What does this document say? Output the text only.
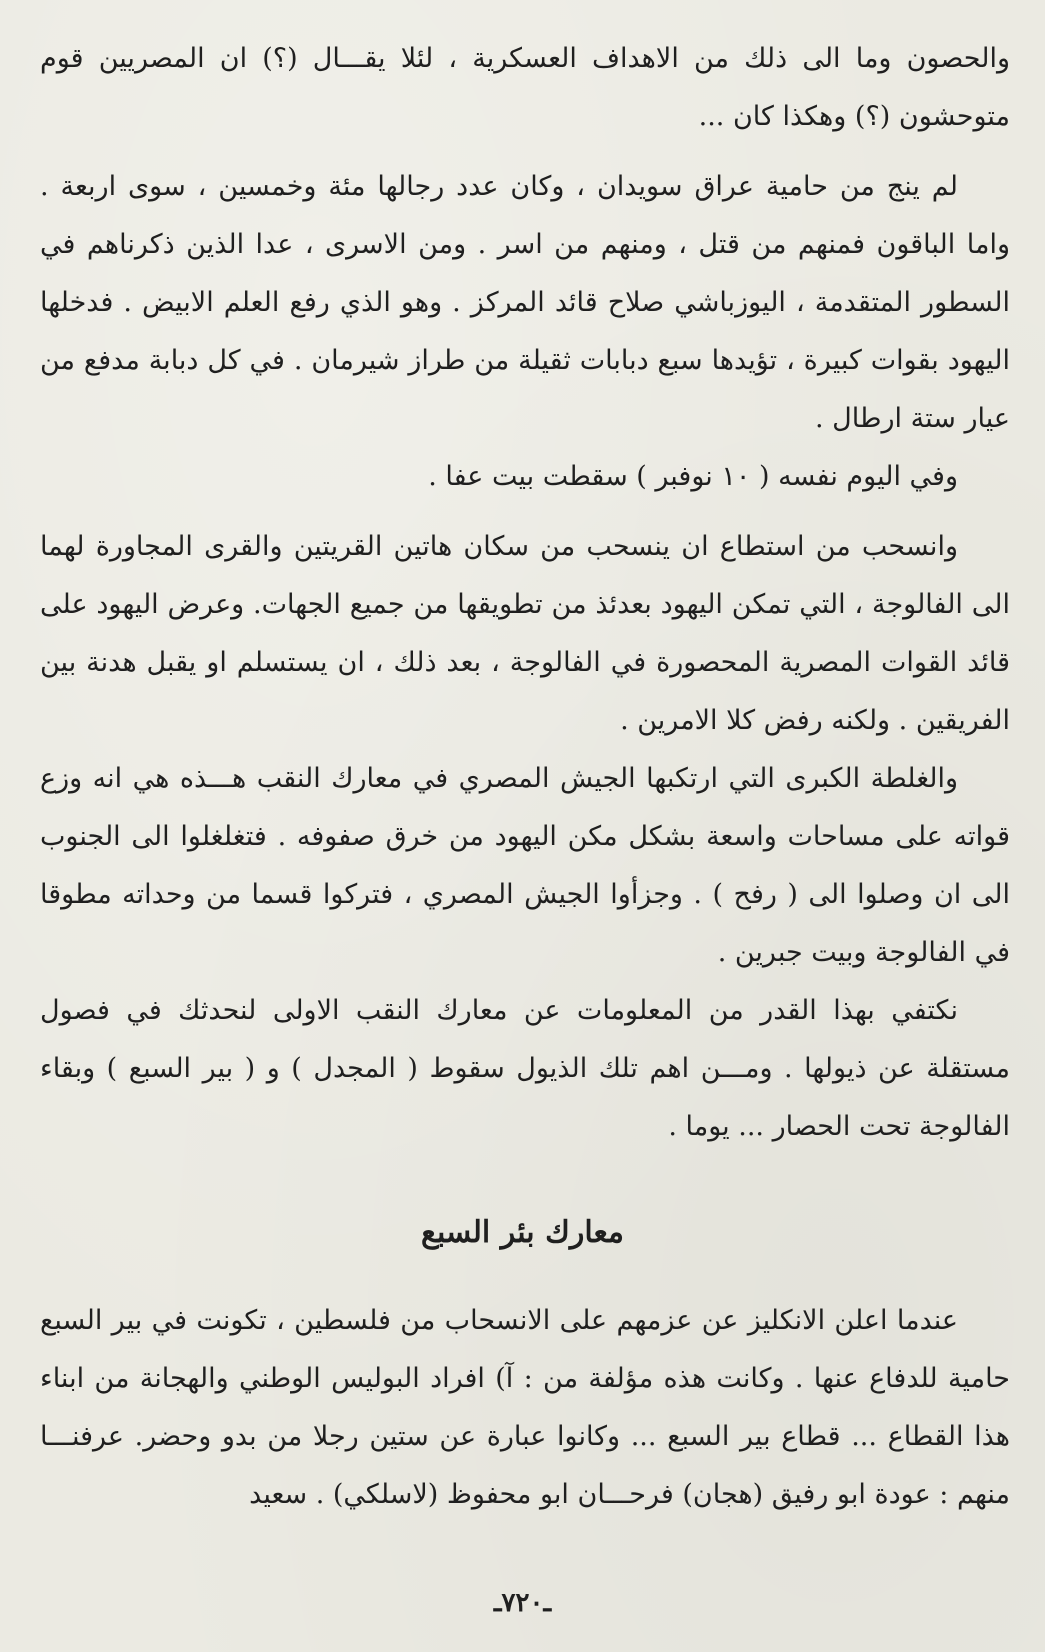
والحصون وما الى ذلك من الاهداف العسكرية ، لئلا يقـــال (؟) ان المصريين قوم متوحشون (؟) وهكذا كان ...

لم ينج من حامية عراق سويدان ، وكان عدد رجالها مئة وخمسين ، سوى اربعة . واما الباقون فمنهم من قتل ، ومنهم من اسر . ومن الاسرى ، عدا الذين ذكرناهم في السطور المتقدمة ، اليوزباشي صلاح قائد المركز . وهو الذي رفع العلم الابيض . فدخلها اليهود بقوات كبيرة ، تؤيدها سبع دبابات ثقيلة من طراز شيرمان . في كل دبابة مدفع من عيار ستة ارطال .

وفي اليوم نفسه ( ١٠ نوفبر ) سقطت بيت عفا .

وانسحب من استطاع ان ينسحب من سكان هاتين القريتين والقرى المجاورة لهما الى الفالوجة ، التي تمكن اليهود بعدئذ من تطويقها من جميع الجهات. وعرض اليهود على قائد القوات المصرية المحصورة في الفالوجة ، بعد ذلك ، ان يستسلم او يقبل هدنة بين الفريقين . ولكنه رفض كلا الامرين .

والغلطة الكبرى التي ارتكبها الجيش المصري في معارك النقب هـــذه هي انه وزع قواته على مساحات واسعة بشكل مكن اليهود من خرق صفوفه . فتغلغلوا الى الجنوب الى ان وصلوا الى ( رفح ) . وجزأوا الجيش المصري ، فتركوا قسما من وحداته مطوقا في الفالوجة وبيت جبرين .

نكتفي بهذا القدر من المعلومات عن معارك النقب الاولى لنحدثك في فصول مستقلة عن ذيولها . ومـــن اهم تلك الذيول سقوط ( المجدل ) و ( بير السبع ) وبقاء الفالوجة تحت الحصار ... يوما .

معارك بئر السبع

عندما اعلن الانكليز عن عزمهم على الانسحاب من فلسطين ، تكونت في بير السبع حامية للدفاع عنها . وكانت هذه مؤلفة من : آ) افراد البوليس الوطني والهجانة من ابناء هذا القطاع ... قطاع بير السبع ... وكانوا عبارة عن ستين رجلا من بدو وحضر. عرفنـــا منهم : عودة ابو رفيق (هجان) فرحـــان ابو محفوظ (لاسلكي) . سعيد

ـ٧٢٠ـ
